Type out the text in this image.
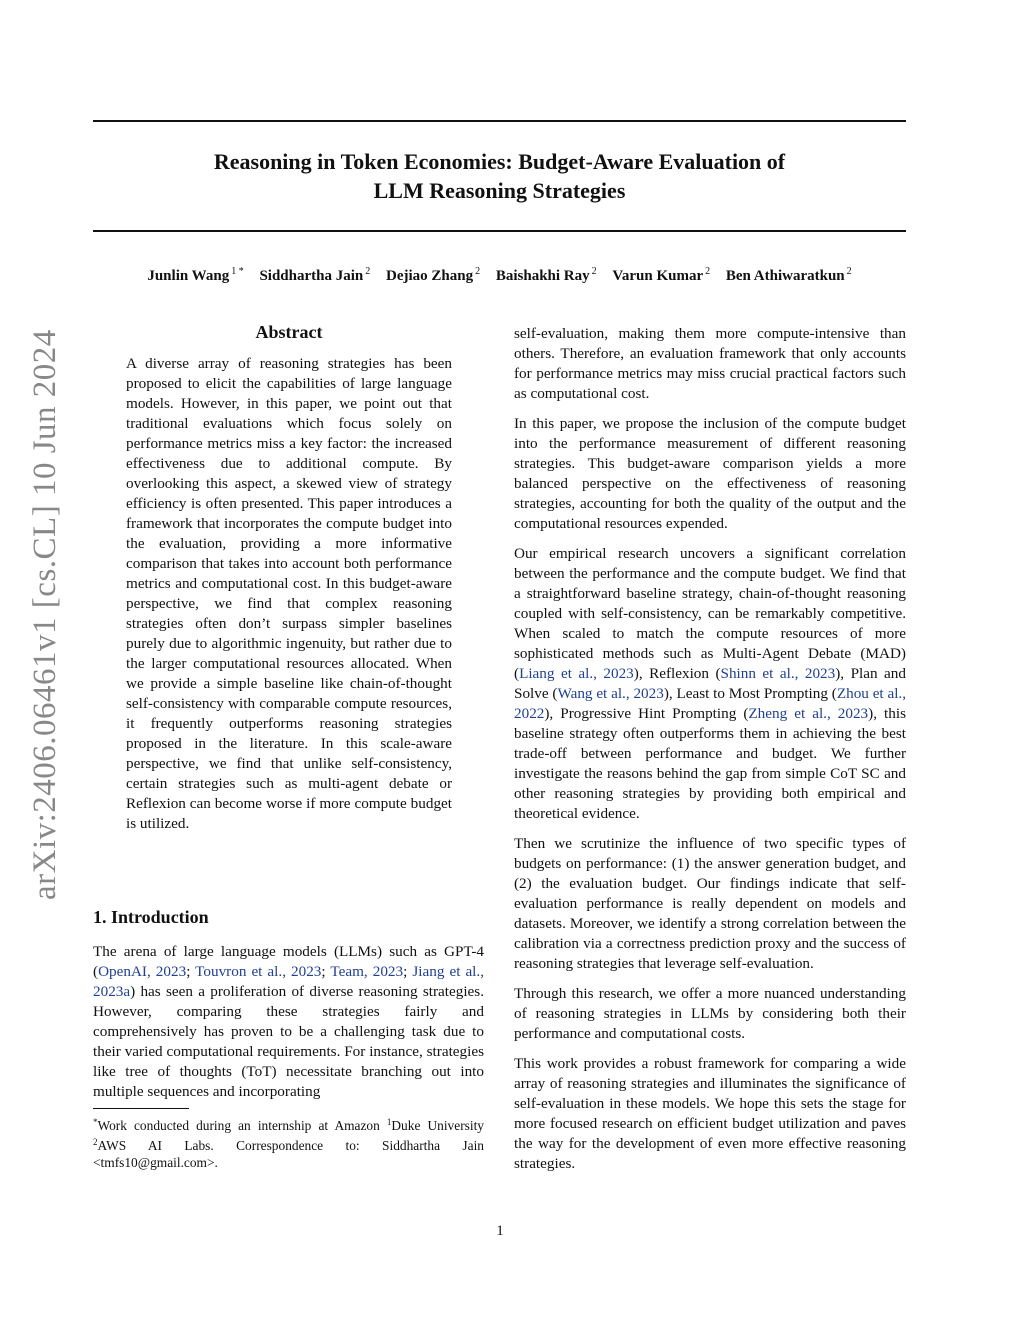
arXiv:2406.06461v1 [cs.CL] 10 Jun 2024
Reasoning in Token Economies: Budget-Aware Evaluation of
LLM Reasoning Strategies
Junlin Wang $^{1 *}$ Siddhartha Jain $^2$ Dejiao Zhang $^2$ Baishakhi Ray $^2$ Varun Kumar $^2$ Ben Athiwaratkun $^2$
Abstract

A diverse array of reasoning strategies has been proposed to elicit the capabilities of large language models. However, in this paper, we point out that traditional evaluations which focus solely on performance metrics miss a key factor: the increased effectiveness due to additional compute. By overlooking this aspect, a skewed view of strategy efficiency is often presented. This paper introduces a framework that incorporates the compute budget into the evaluation, providing a more informative comparison that takes into account both performance metrics and computational cost. In this budget-aware perspective, we find that complex reasoning strategies often don’t surpass simpler baselines purely due to algorithmic ingenuity, but rather due to the larger computational resources allocated. When we provide a simple baseline like chain-of-thought self-consistency with comparable compute resources, it frequently outperforms reasoning strategies proposed in the literature. In this scale-aware perspective, we find that unlike self-consistency, certain strategies such as multi-agent debate or Reflexion can become worse if more compute budget is utilized.

1. Introduction

The arena of large language models (LLMs) such as GPT-4 (OpenAI, 2023; Touvron et al., 2023; Team, 2023; Jiang et al., 2023a) has seen a proliferation of diverse reasoning strategies. However, comparing these strategies fairly and comprehensively has proven to be a challenging task due to their varied computational requirements. For instance, strategies like tree of thoughts (ToT) necessitate branching out into multiple sequences and incorporating

*Work conducted during an internship at Amazon $^1$Duke University $^2$AWS AI Labs. Correspondence to: Siddhartha Jain <tmfs10@gmail.com>.

self-evaluation, making them more compute-intensive than others. Therefore, an evaluation framework that only accounts for performance metrics may miss crucial practical factors such as computational cost.

In this paper, we propose the inclusion of the compute budget into the performance measurement of different reasoning strategies. This budget-aware comparison yields a more balanced perspective on the effectiveness of reasoning strategies, accounting for both the quality of the output and the computational resources expended.

Our empirical research uncovers a significant correlation between the performance and the compute budget. We find that a straightforward baseline strategy, chain-of-thought reasoning coupled with self-consistency, can be remarkably competitive. When scaled to match the compute resources of more sophisticated methods such as Multi-Agent Debate (MAD) (Liang et al., 2023), Reflexion (Shinn et al., 2023), Plan and Solve (Wang et al., 2023), Least to Most Prompting (Zhou et al., 2022), Progressive Hint Prompting (Zheng et al., 2023), this baseline strategy often outperforms them in achieving the best trade-off between performance and budget. We further investigate the reasons behind the gap from simple CoT SC and other reasoning strategies by providing both empirical and theoretical evidence.

Then we scrutinize the influence of two specific types of budgets on performance: (1) the answer generation budget, and (2) the evaluation budget. Our findings indicate that self-evaluation performance is really dependent on models and datasets. Moreover, we identify a strong correlation between the calibration via a correctness prediction proxy and the success of reasoning strategies that leverage self-evaluation.

Through this research, we offer a more nuanced understanding of reasoning strategies in LLMs by considering both their performance and computational costs.

This work provides a robust framework for comparing a wide array of reasoning strategies and illuminates the significance of self-evaluation in these models. We hope this sets the stage for more focused research on efficient budget utilization and paves the way for the development of even more effective reasoning strategies.

1
